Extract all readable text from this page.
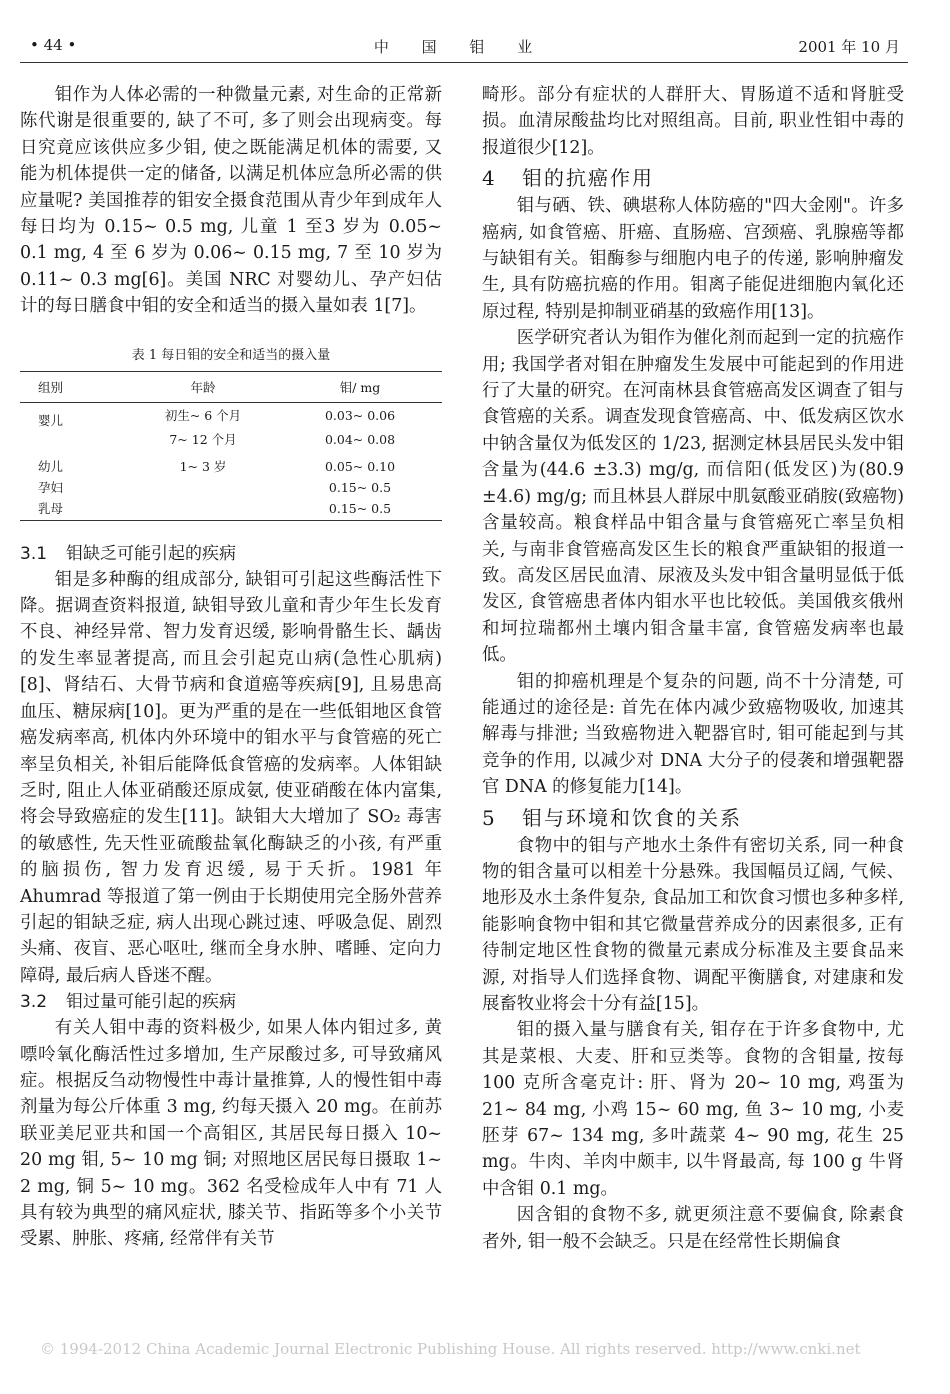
• 44 •	中 国 钼 业	2001 年 10 月

钼作为人体必需的一种微量元素, 对生命的正常新陈代谢是很重要的, 缺了不可, 多了则会出现病变。每日究竟应该供应多少钼, 使之既能满足机体的需要, 又能为机体提供一定的储备, 以满足机体应急所必需的供应量呢? 美国推荐的钼安全摄食范围从青少年到成年人每日均为 0.15~ 0.5 mg, 儿童 1 至3 岁为 0.05~ 0.1 mg, 4 至 6 岁为 0.06~ 0.15 mg, 7 至 10 岁为 0.11~ 0.3 mg[6]。美国 NRC 对婴幼儿、孕产妇估计的每日膳食中钼的安全和适当的摄入量如表 1[7]。

表 1 每日钼的安全和适当的摄入量
组别	年龄	钼/ mg
婴儿	初生~ 6 个月	0.03~ 0.06
	7~ 12 个月	0.04~ 0.08
幼儿	1~ 3 岁	0.05~ 0.10
孕妇		0.15~ 0.5
乳母		0.15~ 0.5
3.1 钼缺乏可能引起的疾病

钼是多种酶的组成部分, 缺钼可引起这些酶活性下降。据调查资料报道, 缺钼导致儿童和青少年生长发育不良、神经异常、智力发育迟缓, 影响骨骼生长、龋齿的发生率显著提高, 而且会引起克山病(急性心肌病)[8]、肾结石、大骨节病和食道癌等疾病[9], 且易患高血压、糖尿病[10]。更为严重的是在一些低钼地区食管癌发病率高, 机体内外环境中的钼水平与食管癌的死亡率呈负相关, 补钼后能降低食管癌的发病率。人体钼缺乏时, 阻止人体亚硝酸还原成氨, 使亚硝酸在体内富集, 将会导致癌症的发生[11]。缺钼大大增加了 SO₂ 毒害的敏感性, 先天性亚硫酸盐氧化酶缺乏的小孩, 有严重的脑损伤, 智力发育迟缓, 易于夭折。1981 年 Ahumrad 等报道了第一例由于长期使用完全肠外营养引起的钼缺乏症, 病人出现心跳过速、呼吸急促、剧烈头痛、夜盲、恶心呕吐, 继而全身水肿、嗜睡、定向力障碍, 最后病人昏迷不醒。

3.2 钼过量可能引起的疾病

有关人钼中毒的资料极少, 如果人体内钼过多, 黄嘌呤氧化酶活性过多增加, 生产尿酸过多, 可导致痛风症。根据反刍动物慢性中毒计量推算, 人的慢性钼中毒剂量为每公斤体重 3 mg, 约每天摄入 20 mg。在前苏联亚美尼亚共和国一个高钼区, 其居民每日摄入 10~ 20 mg 钼, 5~ 10 mg 铜; 对照地区居民每日摄取 1~ 2 mg, 铜 5~ 10 mg。362 名受检成年人中有 71 人具有较为典型的痛风症状, 膝关节、指跖等多个小关节受累、肿胀、疼痛, 经常伴有关节

畸形。部分有症状的人群肝大、胃肠道不适和肾脏受损。血清尿酸盐均比对照组高。目前, 职业性钼中毒的报道很少[12]。

4 钼的抗癌作用

钼与硒、铁、碘堪称人体防癌的"四大金刚"。许多癌病, 如食管癌、肝癌、直肠癌、宫颈癌、乳腺癌等都与缺钼有关。钼酶参与细胞内电子的传递, 影响肿瘤发生, 具有防癌抗癌的作用。钼离子能促进细胞内氧化还原过程, 特别是抑制亚硝基的致癌作用[13]。

医学研究者认为钼作为催化剂而起到一定的抗癌作用; 我国学者对钼在肿瘤发生发展中可能起到的作用进行了大量的研究。在河南林县食管癌高发区调查了钼与食管癌的关系。调查发现食管癌高、中、低发病区饮水中钠含量仅为低发区的 1/23, 据测定林县居民头发中钼含量为(44.6 ±3.3) mg/g, 而信阳(低发区)为(80.9 ±4.6) mg/g; 而且林县人群尿中肌氨酸亚硝胺(致癌物)含量较高。粮食样品中钼含量与食管癌死亡率呈负相关, 与南非食管癌高发区生长的粮食严重缺钼的报道一致。高发区居民血清、尿液及头发中钼含量明显低于低发区, 食管癌患者体内钼水平也比较低。美国俄亥俄州和坷拉瑞都州土壤内钼含量丰富, 食管癌发病率也最低。

钼的抑癌机理是个复杂的问题, 尚不十分清楚, 可能通过的途径是: 首先在体内减少致癌物吸收, 加速其解毒与排泄; 当致癌物进入靶器官时, 钼可能起到与其竞争的作用, 以减少对 DNA 大分子的侵袭和增强靶器官 DNA 的修复能力[14]。

5 钼与环境和饮食的关系

食物中的钼与产地水土条件有密切关系, 同一种食物的钼含量可以相差十分悬殊。我国幅员辽阔, 气候、地形及水土条件复杂, 食品加工和饮食习惯也多种多样, 能影响食物中钼和其它微量营养成分的因素很多, 正有待制定地区性食物的微量元素成分标准及主要食品来源, 对指导人们选择食物、调配平衡膳食, 对建康和发展畜牧业将会十分有益[15]。

钼的摄入量与膳食有关, 钼存在于许多食物中, 尤其是菜根、大麦、肝和豆类等。食物的含钼量, 按每 100 克所含毫克计: 肝、肾为 20~ 10 mg, 鸡蛋为 21~ 84 mg, 小鸡 15~ 60 mg, 鱼 3~ 10 mg, 小麦胚芽 67~ 134 mg, 多叶蔬菜 4~ 90 mg, 花生 25 mg。牛肉、羊肉中颇丰, 以牛肾最高, 每 100 g 牛肾中含钼 0.1 mg。

因含钼的食物不多, 就更须注意不要偏食, 除素食者外, 钼一般不会缺乏。只是在经常性长期偏食

© 1994-2012 China Academic Journal Electronic Publishing House. All rights reserved. http://www.cnki.net
